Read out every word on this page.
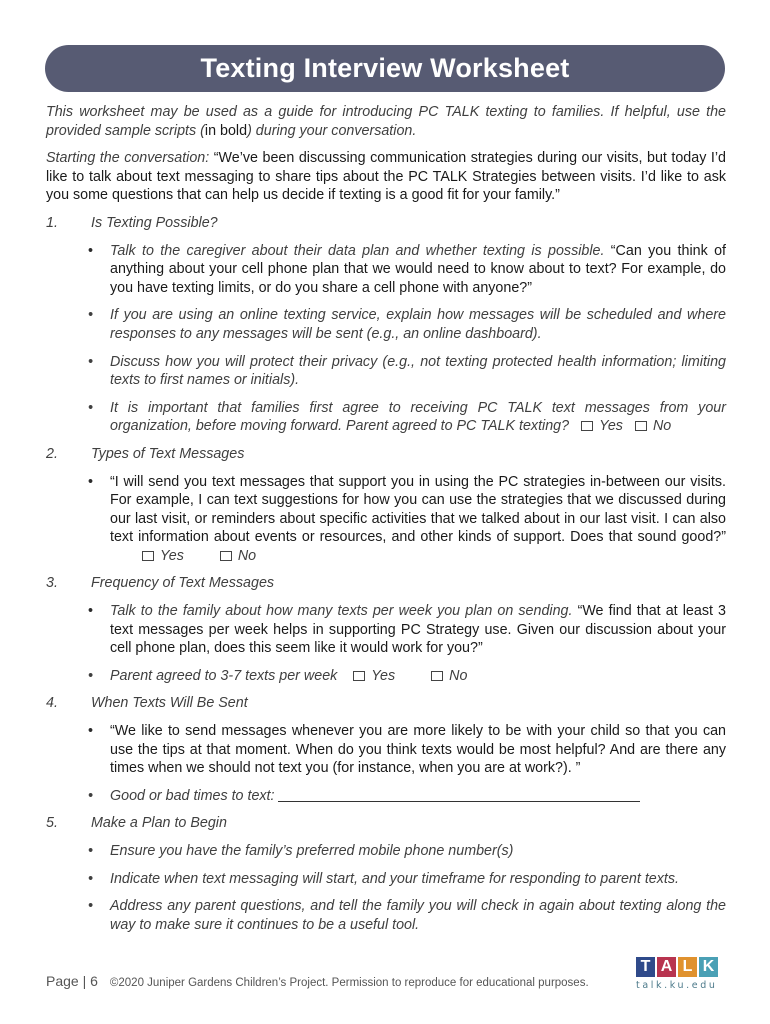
Texting Interview Worksheet

This worksheet may be used as a guide for introducing PC TALK texting to families. If helpful, use the provided sample scripts (in bold) during your conversation.

Starting the conversation: “We’ve been discussing communication strategies during our visits, but today I’d like to talk about text messaging to share tips about the PC TALK Strategies between visits. I’d like to ask you some questions that can help us decide if texting is a good fit for your family.”

1.	Is Texting Possible?
•	Talk to the caregiver about their data plan and whether texting is possible. “Can you think of anything about your cell phone plan that we would need to know about to text? For example, do you have texting limits, or do you share a cell phone with anyone?”
•	If you are using an online texting service, explain how messages will be scheduled and where responses to any messages will be sent (e.g., an online dashboard).
•	Discuss how you will protect their privacy (e.g., not texting protected health information; limiting texts to first names or initials).
•	It is important that families first agree to receiving PC TALK text messages from your organization, before moving forward. Parent agreed to PC TALK texting? Yes No
2.	Types of Text Messages
•	“I will send you text messages that support you in using the PC strategies in-between our visits. For example, I can text suggestions for how you can use the strategies that we discussed during our last visit, or reminders about specific activities that we talked about in our last visit. I can also text information about events or resources, and other kinds of support. Does that sound good?”Yes	No
3.	Frequency of Text Messages
•	Talk to the family about how many texts per week you plan on sending. “We find that at least 3 text messages per week helps in supporting PC Strategy use. Given our discussion about your cell phone plan, does this seem like it would work for you?”
•	Parent agreed to 3-7 texts per week Yes	No
4.	When Texts Will Be Sent
•	“We like to send messages whenever you are more likely to be with your child so that you can use the tips at that moment. When do you think texts would be most helpful? And are there any times when we should not text you (for instance, when you are at work?). ”
•	Good or bad times to text:
5.	Make a Plan to Begin
•	Ensure you have the family’s preferred mobile phone number(s)
•	Indicate when text messaging will start, and your timeframe for responding to parent texts.
•	Address any parent questions, and tell the family you will check in again about texting along the way to make sure it continues to be a useful tool.
Page | 6 ©2020 Juniper Gardens Children’s Project. Permission to reproduce for educational purposes.
T A L K
talk.ku.edu
